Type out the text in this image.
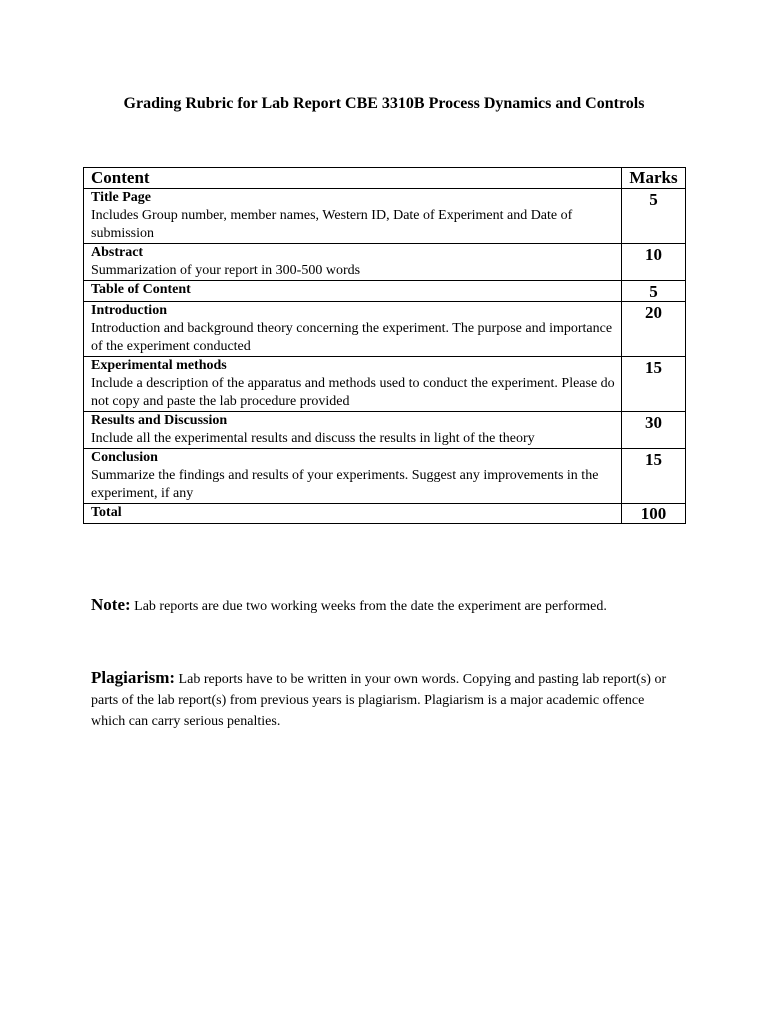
Grading Rubric for Lab Report CBE 3310B Process Dynamics and Controls
Content	Marks

Title Page
Includes Group number, member names, Western ID, Date of Experiment and Date of submission	5

Abstract
Summarization of your report in 300-500 words	10

Table of Content	5

Introduction
Introduction and background theory concerning the experiment. The purpose and importance of the experiment conducted	20

Experimental methods
Include a description of the apparatus and methods used to conduct the experiment. Please do not copy and paste the lab procedure provided	15

Results and Discussion
Include all the experimental results and discuss the results in light of the theory	30

Conclusion
Summarize the findings and results of your experiments. Suggest any improvements in the experiment, if any	15

Total	100
Note: Lab reports are due two working weeks from the date the experiment are performed.
Plagiarism: Lab reports have to be written in your own words. Copying and pasting lab report(s) or parts of the lab report(s) from previous years is plagiarism. Plagiarism is a major academic offence which can carry serious penalties.
